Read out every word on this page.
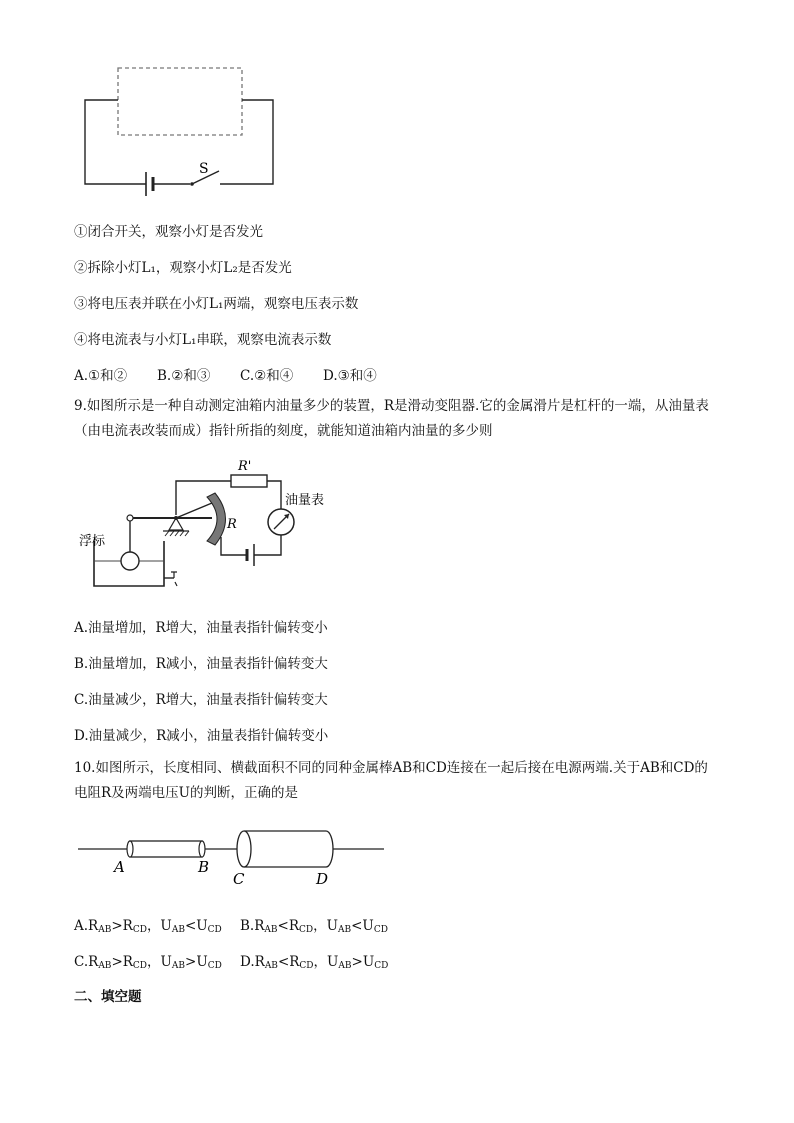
S
①闭合开关，观察小灯是否发光
②拆除小灯L₁，观察小灯L₂是否发光
③将电压表并联在小灯L₁两端，观察电压表示数
④将电流表与小灯L₁串联，观察电流表示数
A.①和② B.②和③ C.②和④ D.③和④
9.如图所示是一种自动测定油箱内油量多少的装置，R是滑动变阻器.它的金属滑片是杠杆的一端，从油量表（由电流表改装而成）指针所指的刻度，就能知道油箱内油量的多少则
R'
油量表
R
浮标
A.油量增加，R增大，油量表指针偏转变小
B.油量增加，R减小，油量表指针偏转变大
C.油量减少，R增大，油量表指针偏转变大
D.油量减少，R减小，油量表指针偏转变小
10.如图所示，长度相同、横截面积不同的同种金属棒AB和CD连接在一起后接在电源两端.关于AB和CD的电阻R及两端电压U的判断，正确的是
A	B
C	D
$A.R_{AB}>R_{CD}$，$U_{AB}<U_{CD}$ $B.R_{AB}<R_{CD}$，$U_{AB}<U_{CD}$
$C.R_{AB}>R_{CD}$，$U_{AB}>U_{CD}$ $D.R_{AB}<R_{CD}$，$U_{AB}>U_{CD}$
二、填空题
